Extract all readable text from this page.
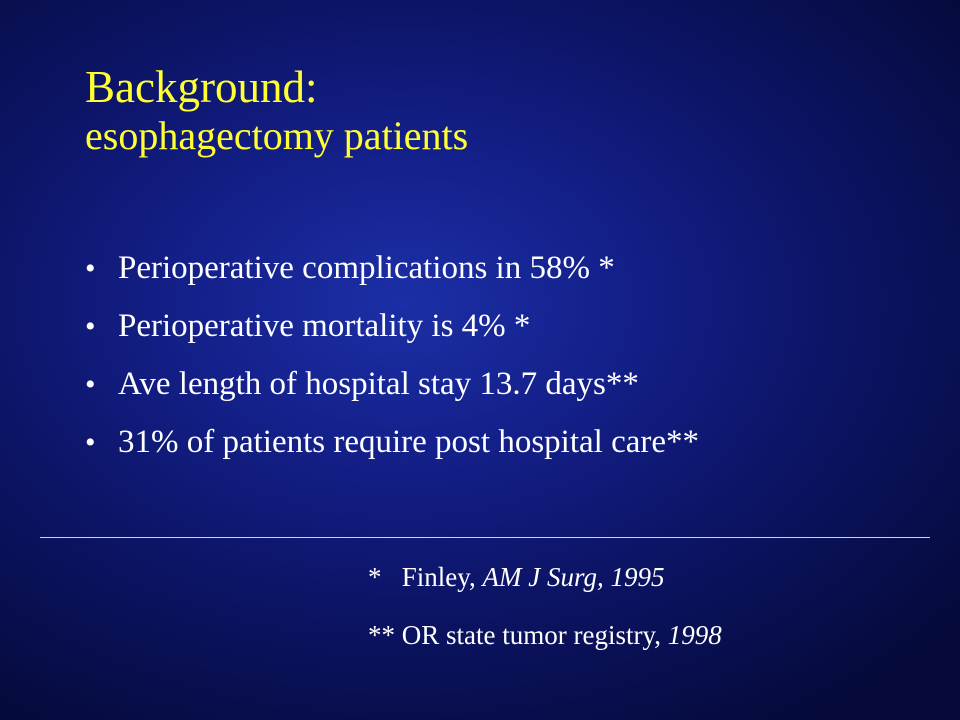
Background:
esophagectomy patients
• Perioperative complications in 58% *
• Perioperative mortality is 4% *
• Ave length of hospital stay 13.7 days**
• 31% of patients require post hospital care**
* Finley, AM J Surg, 1995
** OR state tumor registry, 1998
